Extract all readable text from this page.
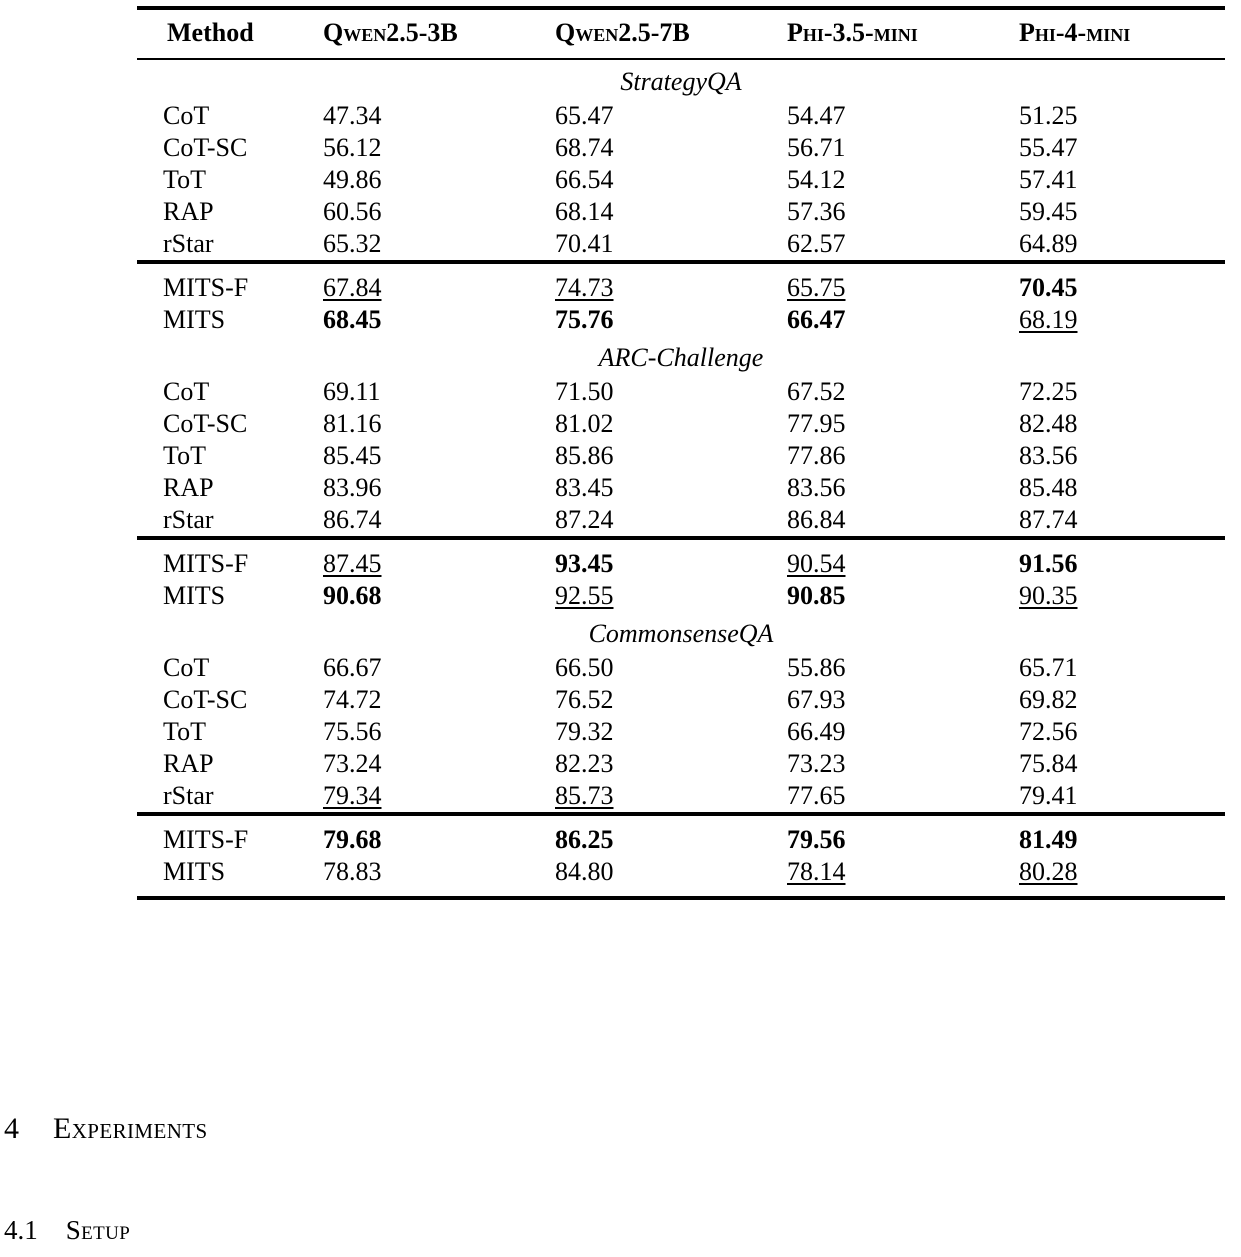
Method	Qwen2.5-3B	Qwen2.5-7B	Phi-3.5-mini	Phi-4-mini
StrategyQA				
CoT	47.34	65.47	54.47	51.25
CoT-SC	56.12	68.74	56.71	55.47
ToT	49.86	66.54	54.12	57.41
RAP	60.56	68.14	57.36	59.45
rStar	65.32	70.41	62.57	64.89

MITS-F	67.84	74.73	65.75	70.45
MITS	68.45	75.76	66.47	68.19
ARC-Challenge				
CoT	69.11	71.50	67.52	72.25
CoT-SC	81.16	81.02	77.95	82.48
ToT	85.45	85.86	77.86	83.56
RAP	83.96	83.45	83.56	85.48
rStar	86.74	87.24	86.84	87.74

MITS-F	87.45	93.45	90.54	91.56
MITS	90.68	92.55	90.85	90.35
CommonsenseQA				
CoT	66.67	66.50	55.86	65.71
CoT-SC	74.72	76.52	67.93	69.82
ToT	75.56	79.32	66.49	72.56
RAP	73.24	82.23	73.23	75.84
rStar	79.34	85.73	77.65	79.41

MITS-F	79.68	86.25	79.56	81.49
MITS	78.83	84.80	78.14	80.28

4 Experiments
4.1 Setup
